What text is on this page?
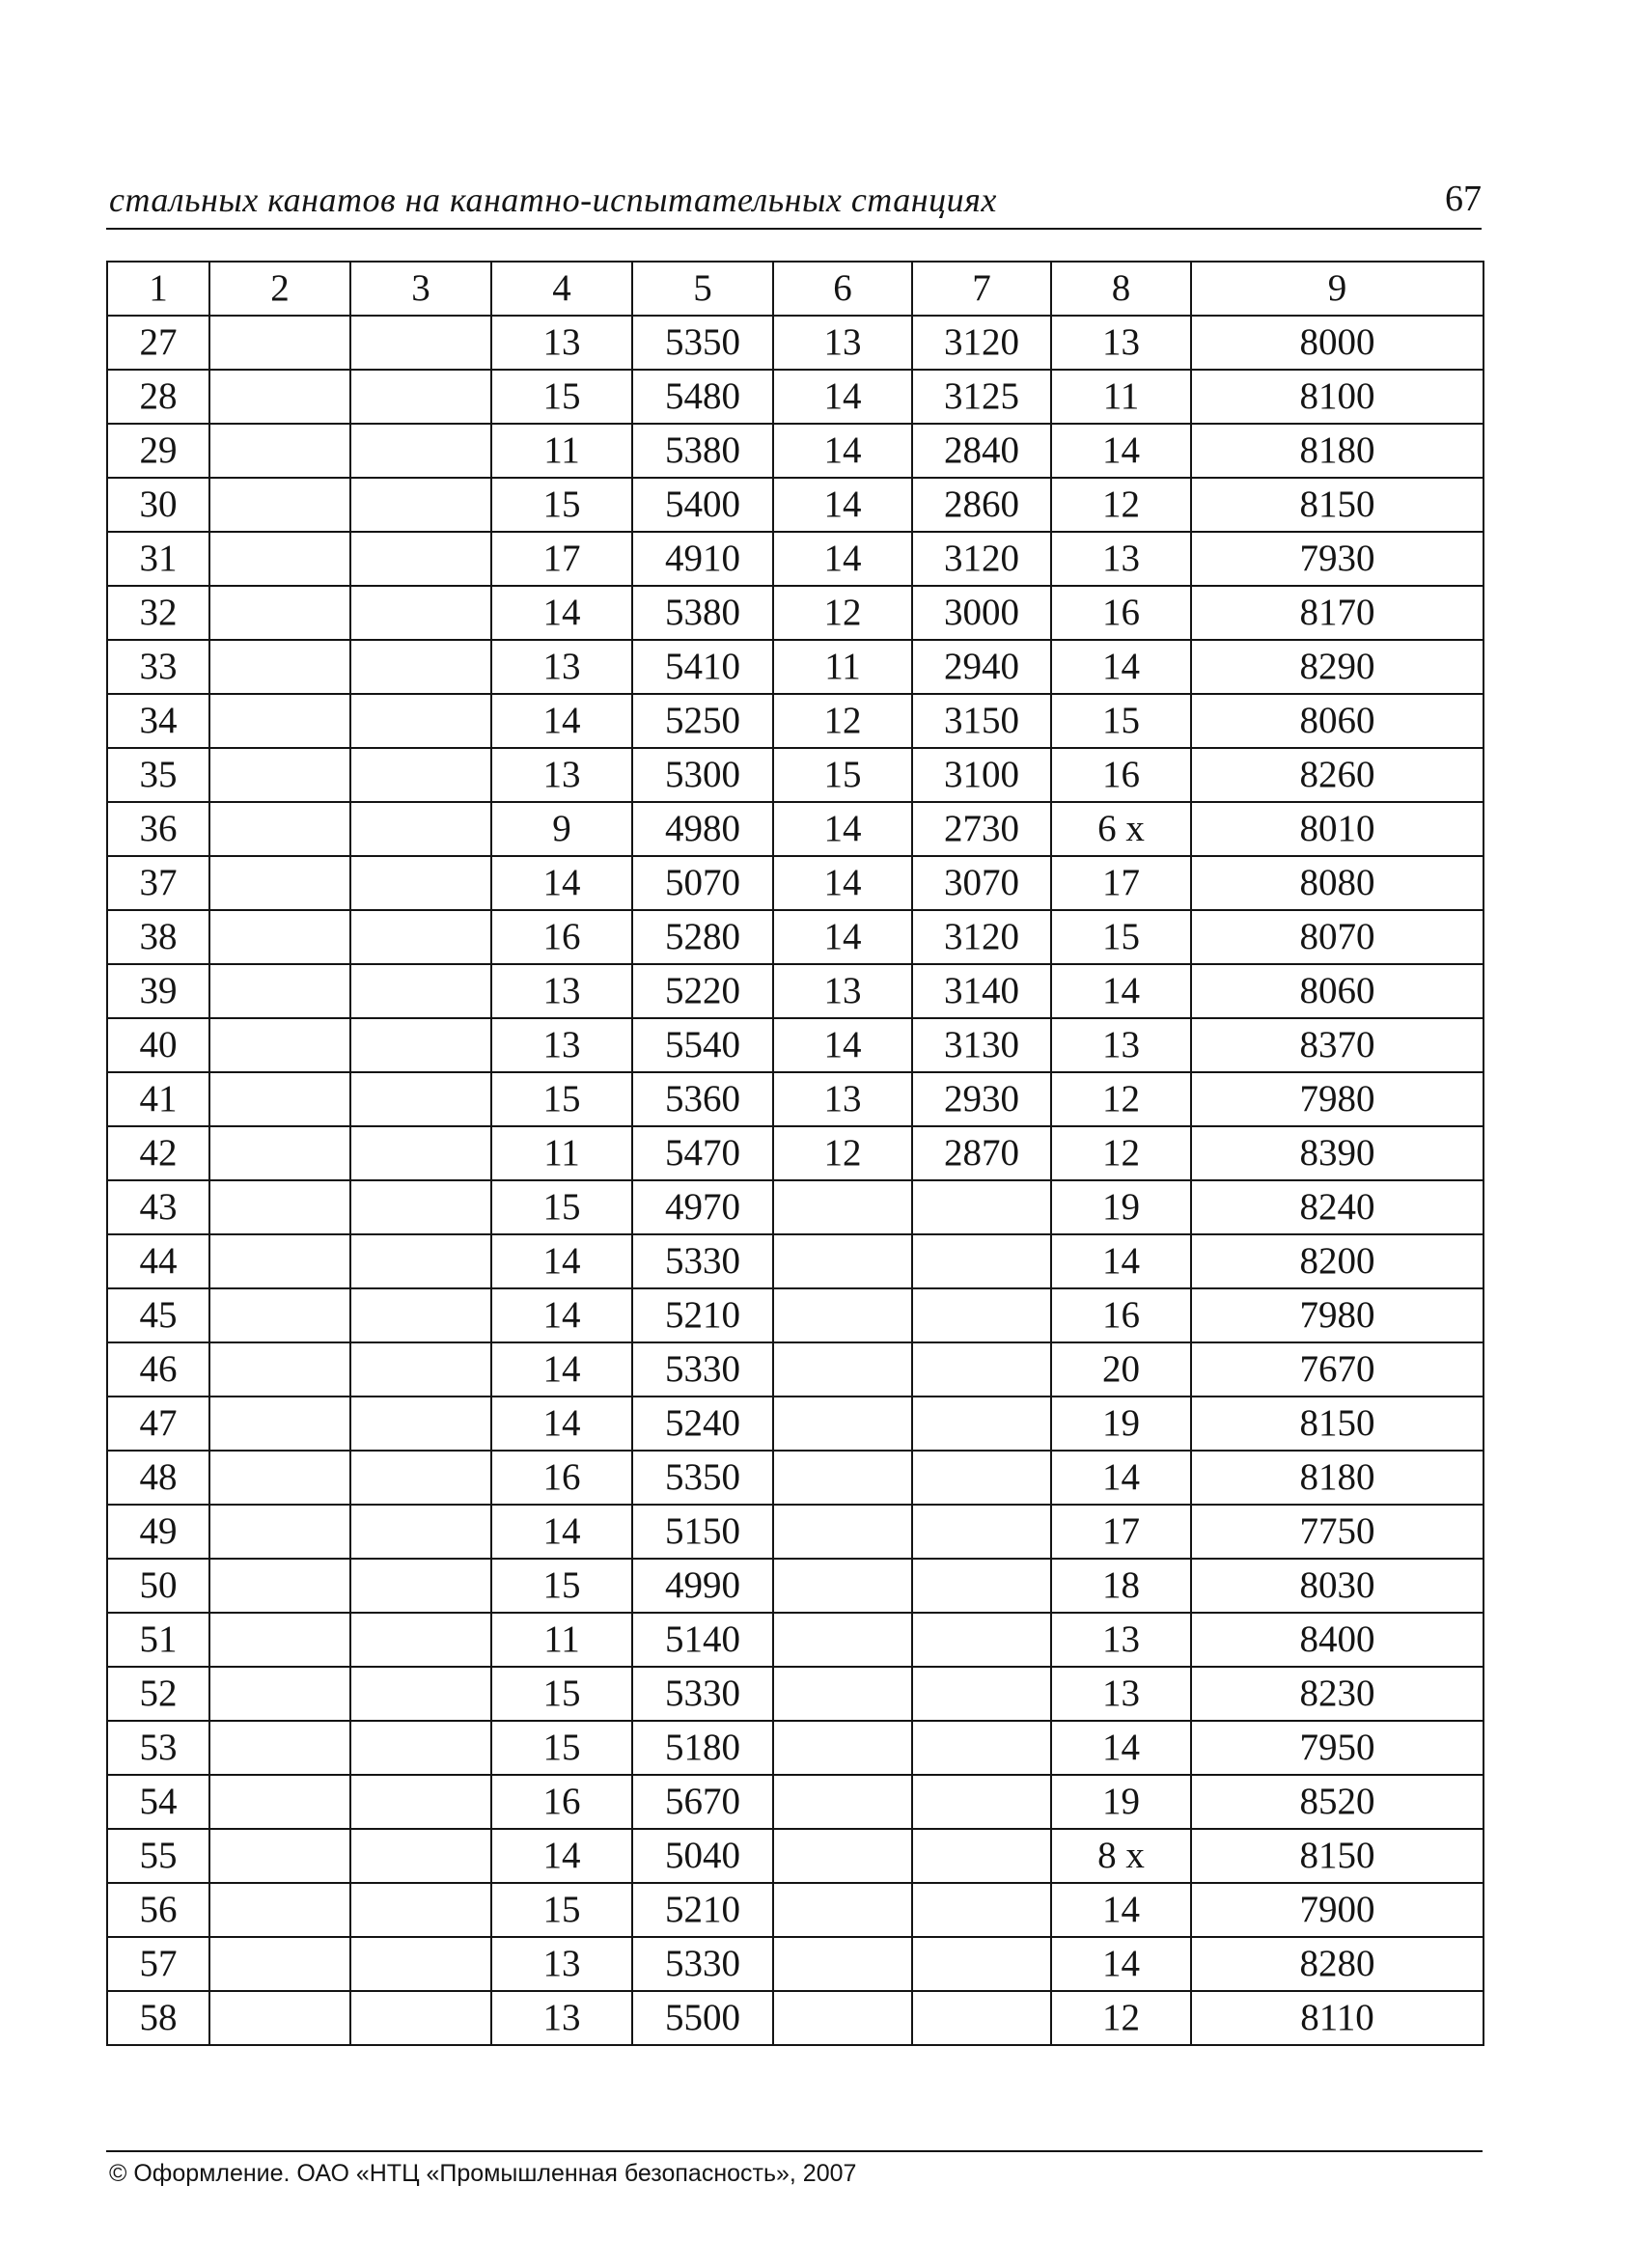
стальных канатов на канатно-испытательных станциях	67
1	2	3	4	5	6	7	8	9
27			13	5350	13	3120	13	8000
28			15	5480	14	3125	11	8100
29			11	5380	14	2840	14	8180
30			15	5400	14	2860	12	8150
31			17	4910	14	3120	13	7930
32			14	5380	12	3000	16	8170
33			13	5410	11	2940	14	8290
34			14	5250	12	3150	15	8060
35			13	5300	15	3100	16	8260
36			9	4980	14	2730	6 х	8010
37			14	5070	14	3070	17	8080
38			16	5280	14	3120	15	8070
39			13	5220	13	3140	14	8060
40			13	5540	14	3130	13	8370
41			15	5360	13	2930	12	7980
42			11	5470	12	2870	12	8390
43			15	4970			19	8240
44			14	5330			14	8200
45			14	5210			16	7980
46			14	5330			20	7670
47			14	5240			19	8150
48			16	5350			14	8180
49			14	5150			17	7750
50			15	4990			18	8030
51			11	5140			13	8400
52			15	5330			13	8230
53			15	5180			14	7950
54			16	5670			19	8520
55			14	5040			8 х	8150
56			15	5210			14	7900
57			13	5330			14	8280
58			13	5500			12	8110
© Оформление. ОАО «НТЦ «Промышленная безопасность», 2007
